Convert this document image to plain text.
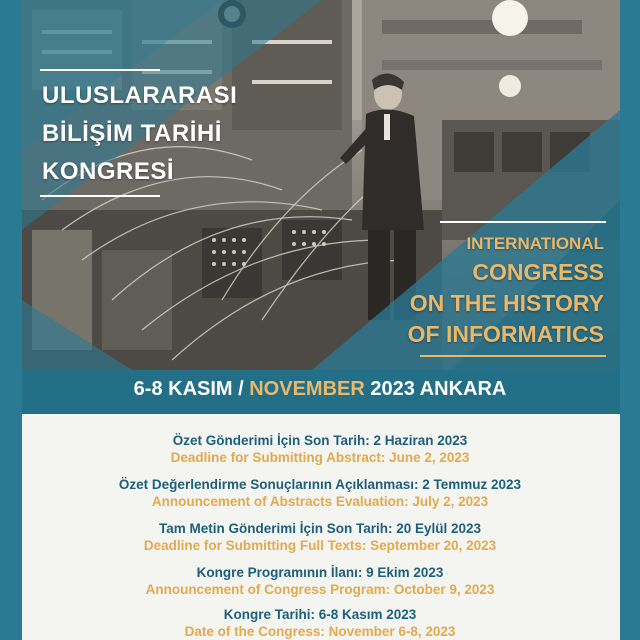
ULUSLARARASI
BİLİŞİM TARİHİ
KONGRESİ
INTERNATIONAL
CONGRESS
ON THE HISTORY
OF INFORMATICS
6-8 KASIM / NOVEMBER 2023 ANKARA
Özet Gönderimi İçin Son Tarih: 2 Haziran 2023
Deadline for Submitting Abstract: June 2, 2023
Özet Değerlendirme Sonuçlarının Açıklanması: 2 Temmuz 2023
Announcement of Abstracts Evaluation: July 2, 2023
Tam Metin Gönderimi İçin Son Tarih: 20 Eylül 2023
Deadline for Submitting Full Texts: September 20, 2023
Kongre Programının İlanı: 9 Ekim 2023
Announcement of Congress Program: October 9, 2023
Kongre Tarihi: 6-8 Kasım 2023
Date of the Congress: November 6-8, 2023
